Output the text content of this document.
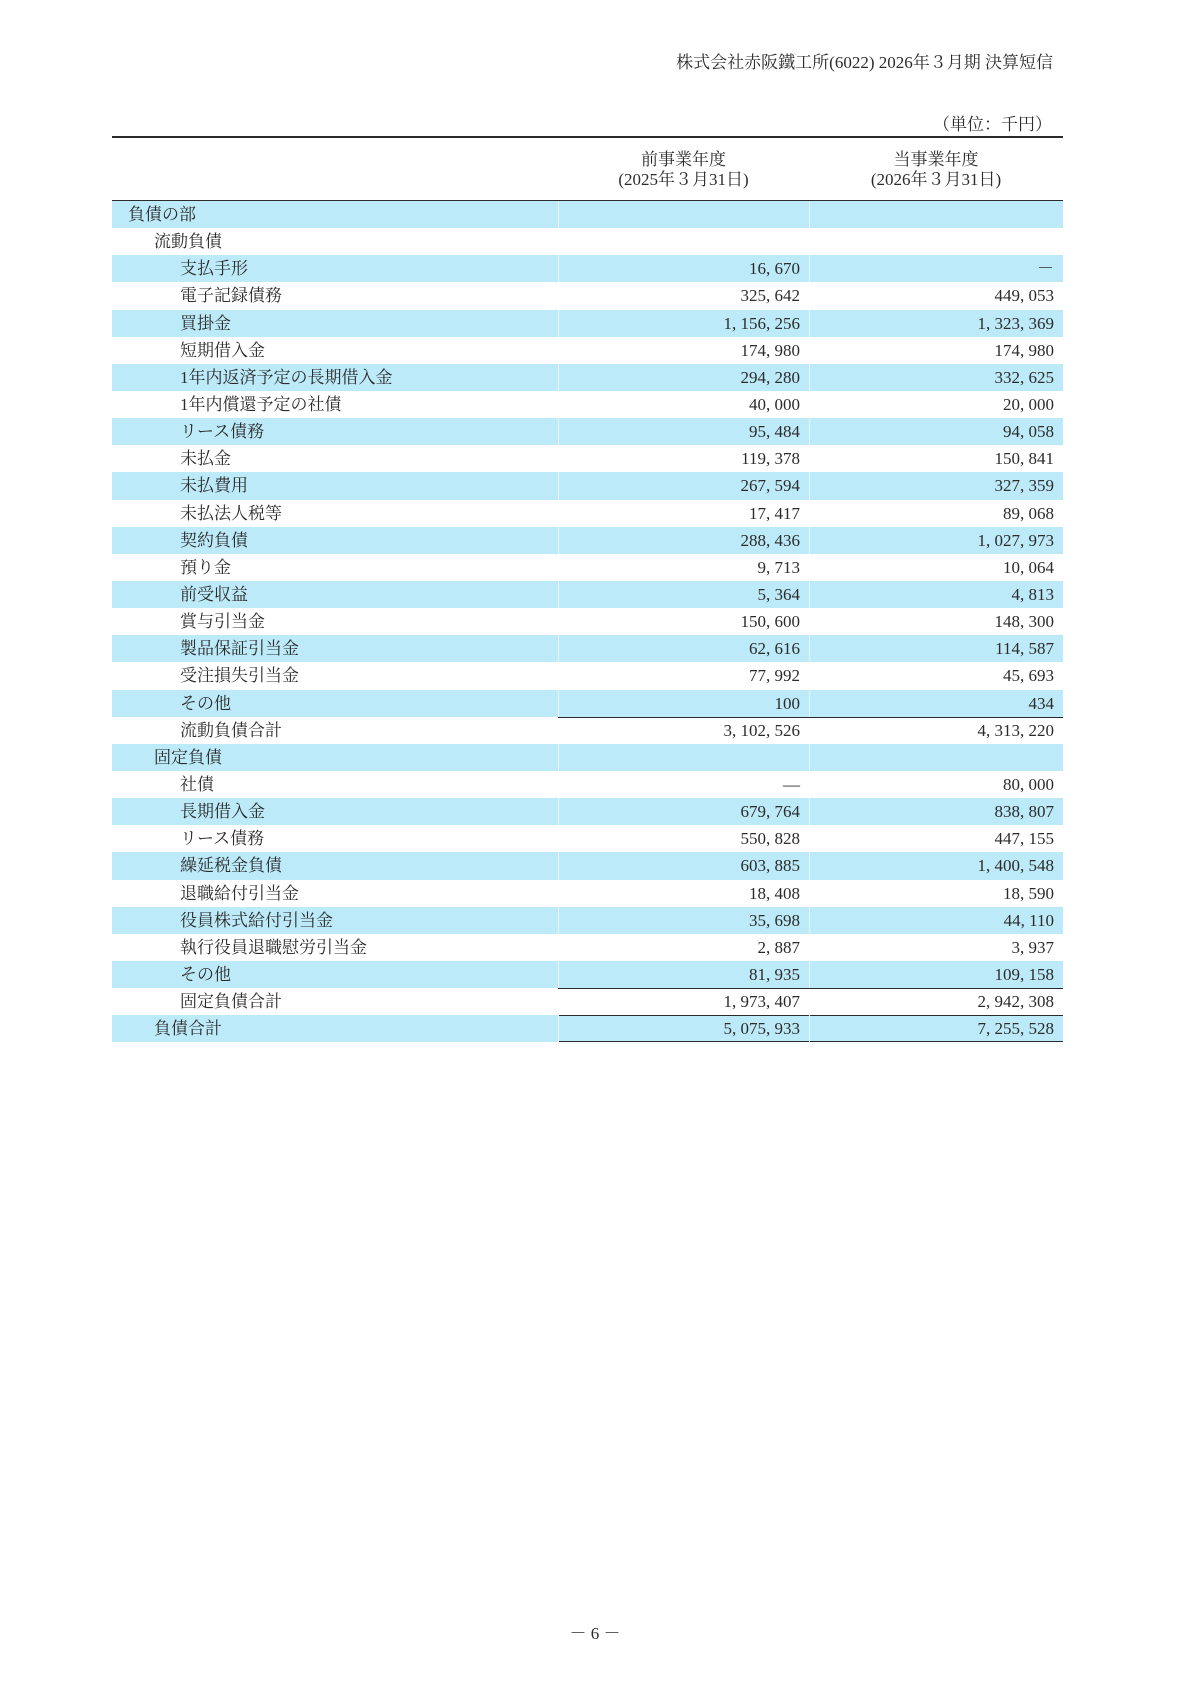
株式会社赤阪鐵工所(6022) 2026年３月期 決算短信
（単位：千円）
前事業年度
(2025年３月31日)
当事業年度
(2026年３月31日)
負債の部
流動負債
支払手形	16, 670	－
電子記録債務	325, 642	449, 053
買掛金	1, 156, 256	1, 323, 369
短期借入金	174, 980	174, 980
1年内返済予定の長期借入金	294, 280	332, 625
1年内償還予定の社債	40, 000	20, 000
リース債務	95, 484	94, 058
未払金	119, 378	150, 841
未払費用	267, 594	327, 359
未払法人税等	17, 417	89, 068
契約負債	288, 436	1, 027, 973
預り金	9, 713	10, 064
前受収益	5, 364	4, 813
賞与引当金	150, 600	148, 300
製品保証引当金	62, 616	114, 587
受注損失引当金	77, 992	45, 693
その他	100	434
流動負債合計	3, 102, 526	4, 313, 220
固定負債
社債	―	80, 000
長期借入金	679, 764	838, 807
リース債務	550, 828	447, 155
繰延税金負債	603, 885	1, 400, 548
退職給付引当金	18, 408	18, 590
役員株式給付引当金	35, 698	44, 110
執行役員退職慰労引当金	2, 887	3, 937
その他	81, 935	109, 158
固定負債合計	1, 973, 407	2, 942, 308
負債合計	5, 075, 933	7, 255, 528
－ 6 －
